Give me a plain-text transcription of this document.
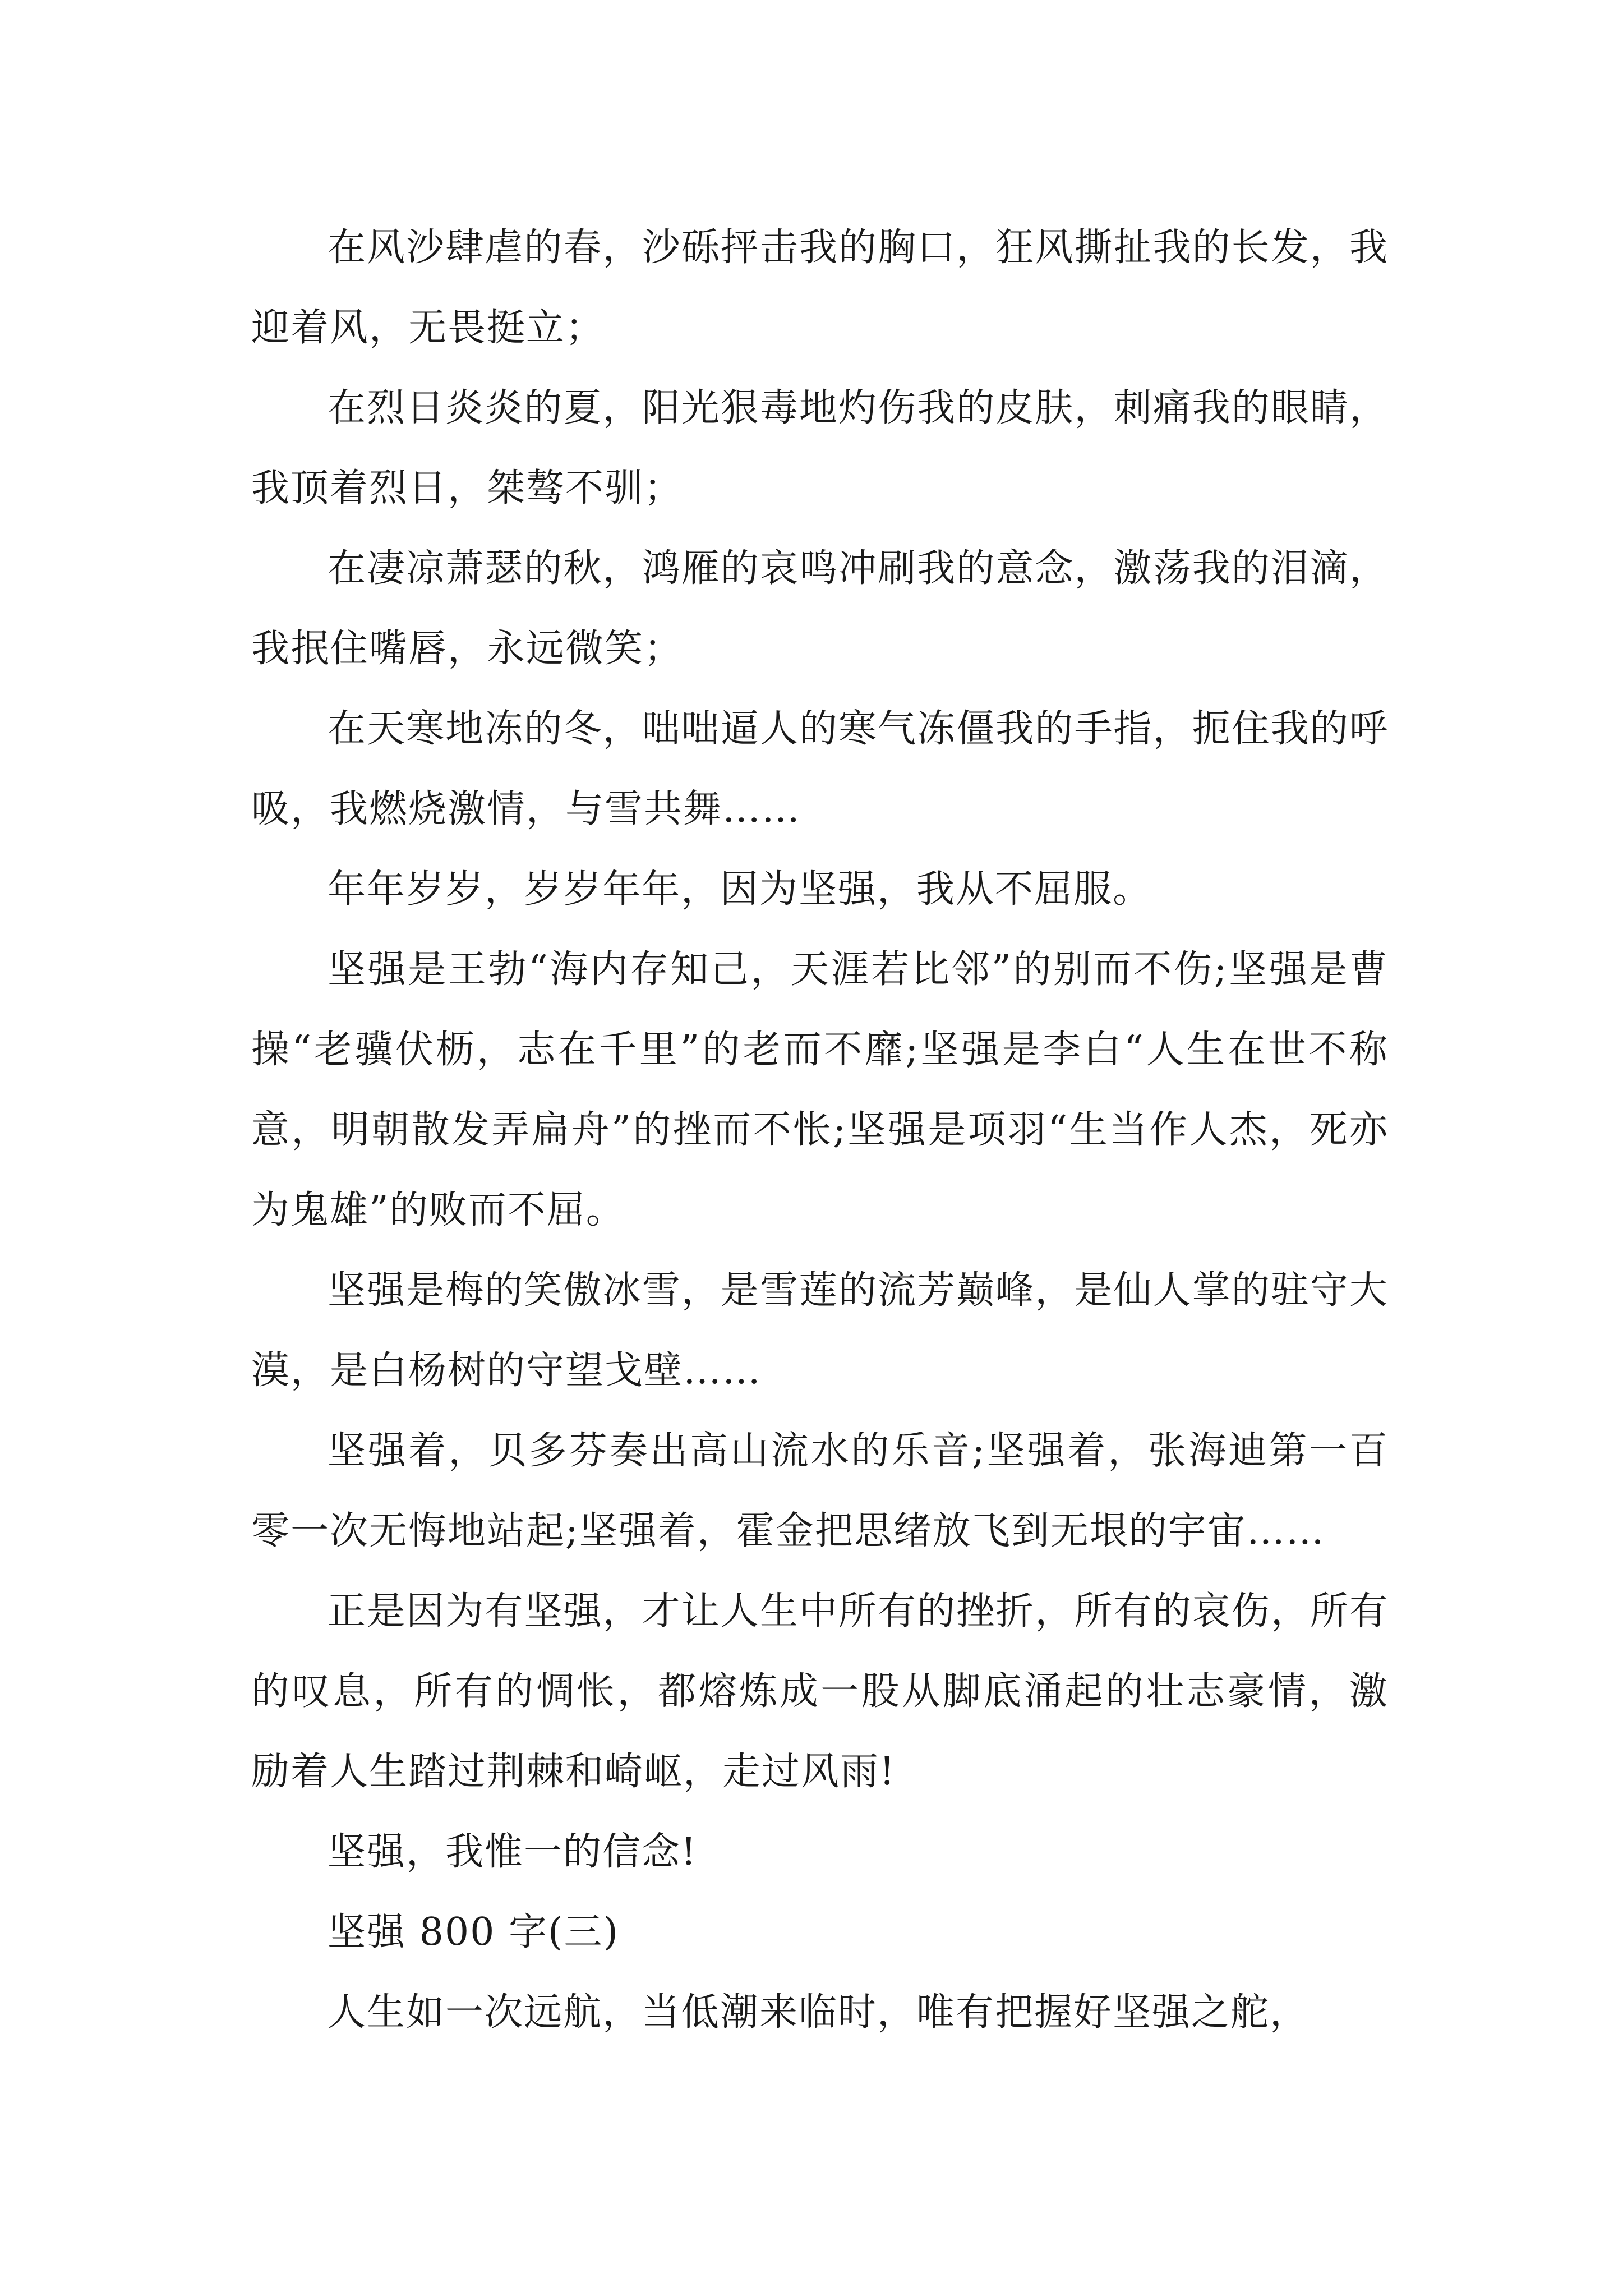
在风沙肆虐的春，沙砾抨击我的胸口，狂风撕扯我的长发，我迎着风，无畏挺立；

在烈日炎炎的夏，阳光狠毒地灼伤我的皮肤，刺痛我的眼睛，我顶着烈日，桀骜不驯；

在凄凉萧瑟的秋，鸿雁的哀鸣冲刷我的意念，激荡我的泪滴，我抿住嘴唇，永远微笑；

在天寒地冻的冬，咄咄逼人的寒气冻僵我的手指，扼住我的呼吸，我燃烧激情，与雪共舞……

年年岁岁，岁岁年年，因为坚强，我从不屈服。

坚强是王勃“海内存知己，天涯若比邻”的别而不伤;坚强是曹操“老骥伏枥，志在千里”的老而不靡;坚强是李白“人生在世不称意，明朝散发弄扁舟”的挫而不怅;坚强是项羽“生当作人杰，死亦为鬼雄”的败而不屈。

坚强是梅的笑傲冰雪，是雪莲的流芳巅峰，是仙人掌的驻守大漠，是白杨树的守望戈壁……

坚强着，贝多芬奏出高山流水的乐音;坚强着，张海迪第一百零一次无悔地站起;坚强着，霍金把思绪放飞到无垠的宇宙……

正是因为有坚强，才让人生中所有的挫折，所有的哀伤，所有的叹息，所有的惆怅，都熔炼成一股从脚底涌起的壮志豪情，激励着人生踏过荆棘和崎岖，走过风雨!

坚强，我惟一的信念!

坚强 800 字(三)

人生如一次远航，当低潮来临时，唯有把握好坚强之舵，
